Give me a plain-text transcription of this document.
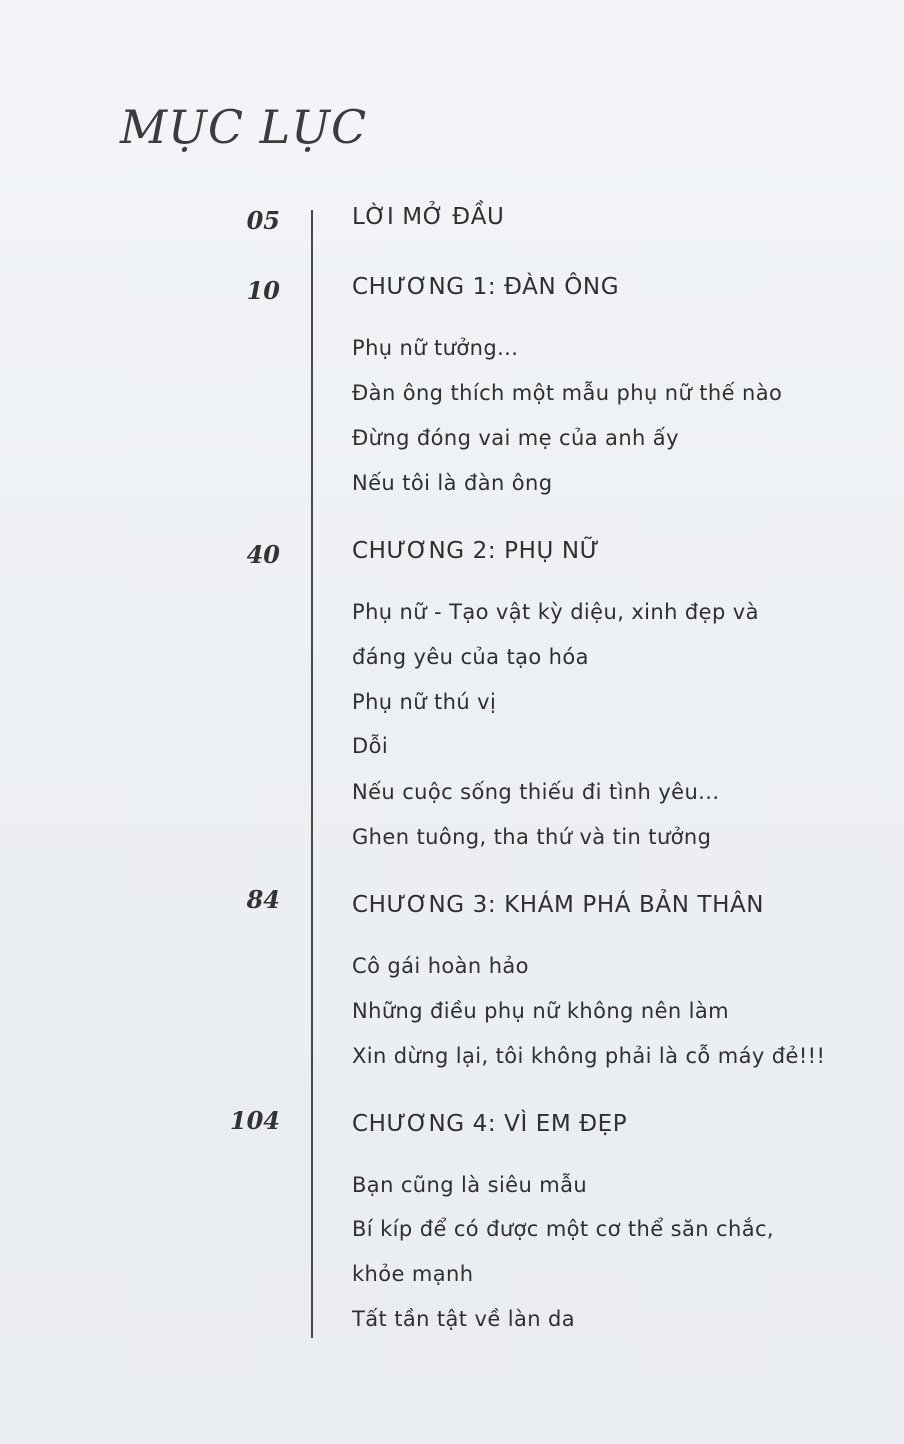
MỤC LỤC
05	LỜI MỞ ĐẦU
10	CHƯƠNG 1: ĐÀN ÔNG
Phụ nữ tưởng...
Đàn ông thích một mẫu phụ nữ thế nào
Đừng đóng vai mẹ của anh ấy
Nếu tôi là đàn ông
40	CHƯƠNG 2: PHỤ NỮ
Phụ nữ - Tạo vật kỳ diệu, xinh đẹp và
đáng yêu của tạo hóa
Phụ nữ thú vị
Dỗi
Nếu cuộc sống thiếu đi tình yêu...
Ghen tuông, tha thứ và tin tưởng
84	CHƯƠNG 3: KHÁM PHÁ BẢN THÂN
Cô gái hoàn hảo
Những điều phụ nữ không nên làm
Xin dừng lại, tôi không phải là cỗ máy đẻ!!!
104	CHƯƠNG 4: VÌ EM ĐẸP
Bạn cũng là siêu mẫu
Bí kíp để có được một cơ thể săn chắc,
khỏe mạnh
Tất tần tật về làn da
